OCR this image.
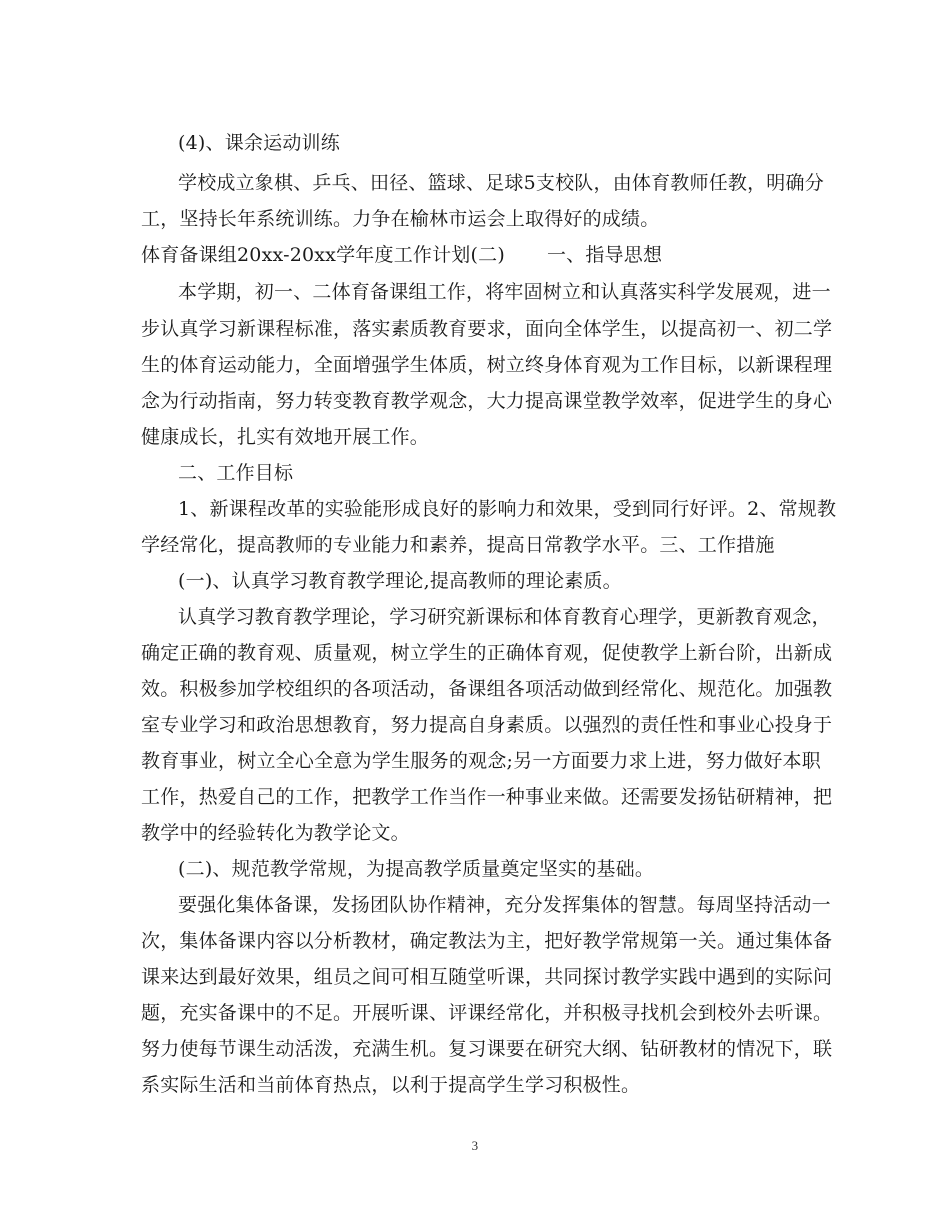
(4)、课余运动训练
学校成立象棋、乒乓、田径、篮球、足球5支校队，由体育教师任教，明确分
工，坚持长年系统训练。力争在榆林市运会上取得好的成绩。
体育备课组20xx-20xx学年度工作计划(二) 一、指导思想
本学期，初一、二体育备课组工作，将牢固树立和认真落实科学发展观，进一
步认真学习新课程标准，落实素质教育要求，面向全体学生，以提高初一、初二学
生的体育运动能力，全面增强学生体质，树立终身体育观为工作目标，以新课程理
念为行动指南，努力转变教育教学观念，大力提高课堂教学效率，促进学生的身心
健康成长，扎实有效地开展工作。
二、工作目标
1、新课程改革的实验能形成良好的影响力和效果，受到同行好评。2、常规教
学经常化，提高教师的专业能力和素养，提高日常教学水平。三、工作措施
(一)、认真学习教育教学理论,提高教师的理论素质。
认真学习教育教学理论，学习研究新课标和体育教育心理学，更新教育观念，
确定正确的教育观、质量观，树立学生的正确体育观，促使教学上新台阶，出新成
效。积极参加学校组织的各项活动，备课组各项活动做到经常化、规范化。加强教
室专业学习和政治思想教育，努力提高自身素质。以强烈的责任性和事业心投身于
教育事业，树立全心全意为学生服务的观念;另一方面要力求上进，努力做好本职
工作，热爱自己的工作，把教学工作当作一种事业来做。还需要发扬钻研精神，把
教学中的经验转化为教学论文。
(二)、规范教学常规，为提高教学质量奠定坚实的基础。
要强化集体备课，发扬团队协作精神，充分发挥集体的智慧。每周坚持活动一
次，集体备课内容以分析教材，确定教法为主，把好教学常规第一关。通过集体备
课来达到最好效果，组员之间可相互随堂听课，共同探讨教学实践中遇到的实际问
题，充实备课中的不足。开展听课、评课经常化，并积极寻找机会到校外去听课。
努力使每节课生动活泼，充满生机。复习课要在研究大纲、钻研教材的情况下，联
系实际生活和当前体育热点，以利于提高学生学习积极性。
3
